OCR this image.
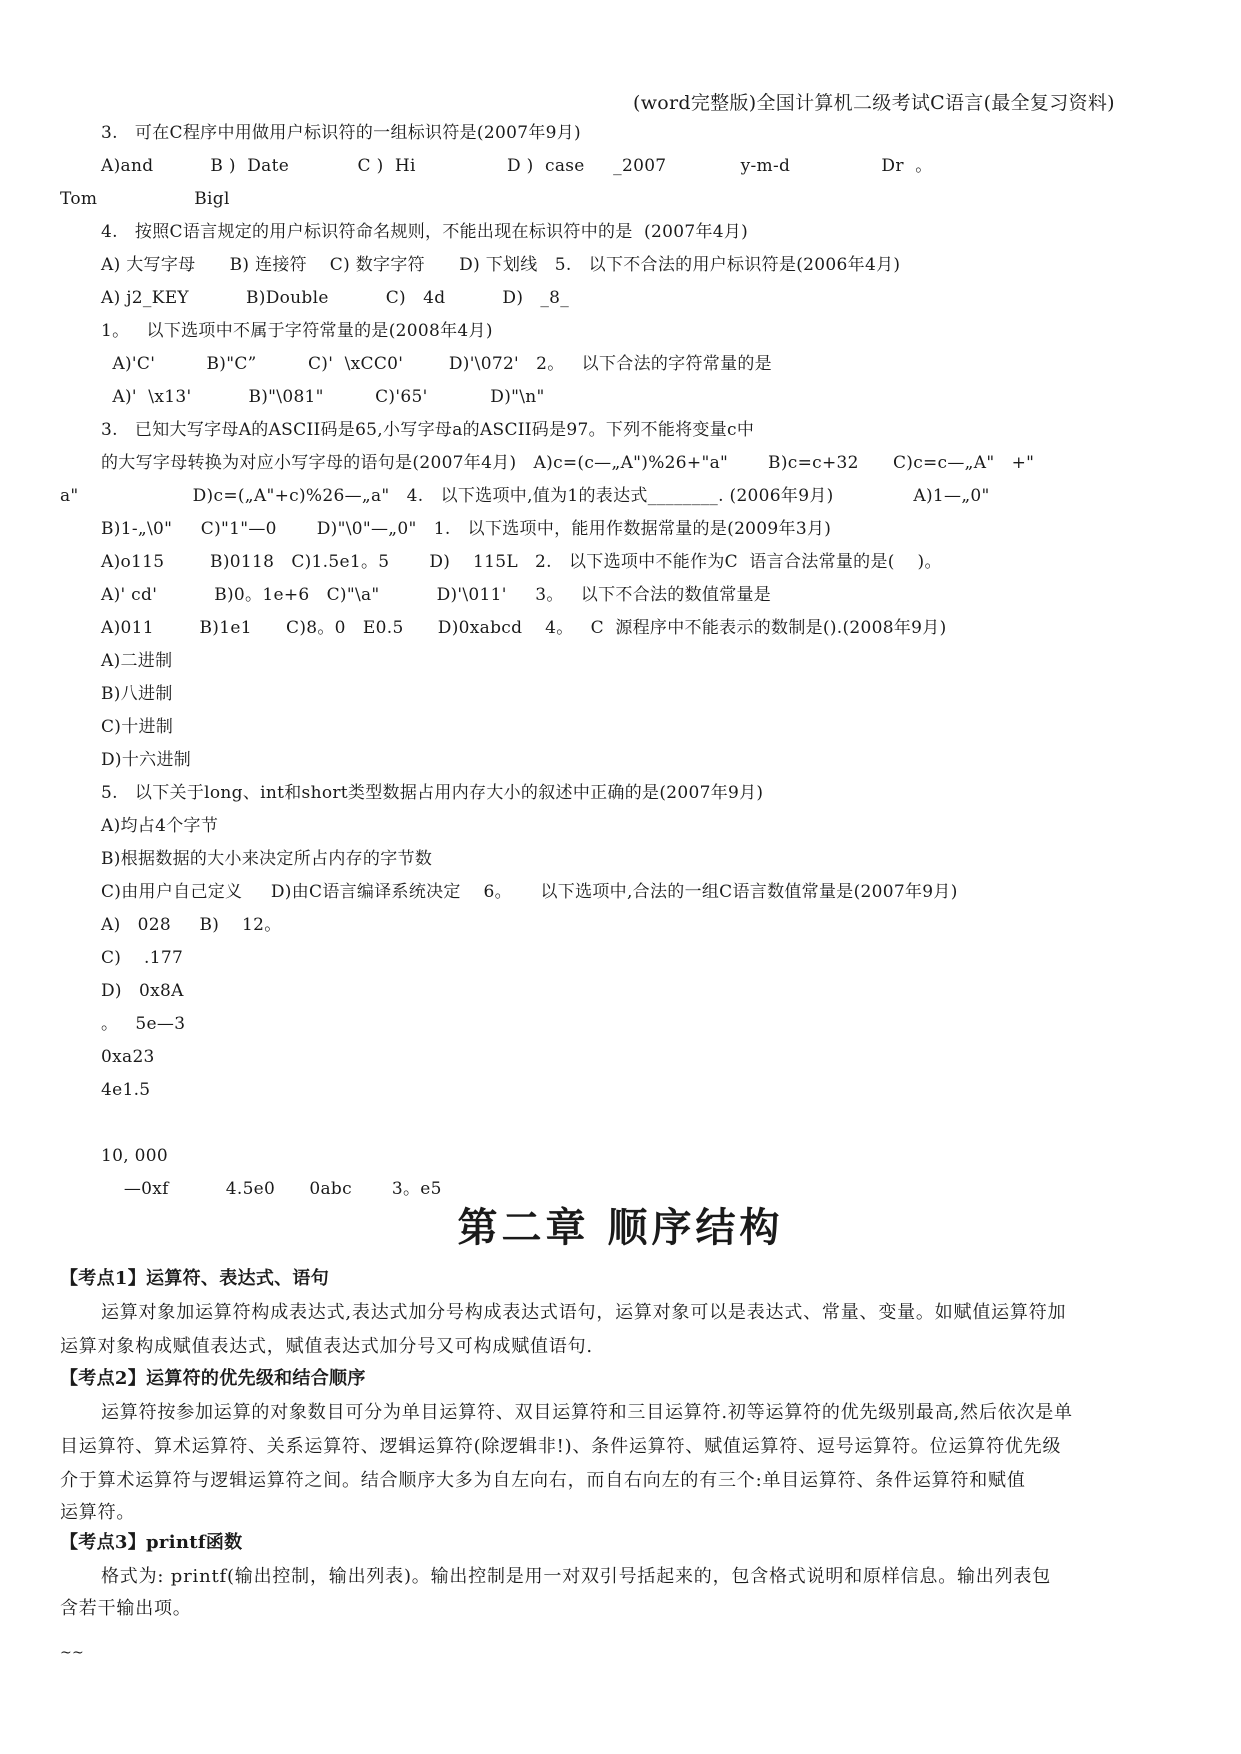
(word完整版)全国计算机二级考试C语言(最全复习资料)
3.   可在C程序中用做用户标识符的一组标识符是(2007年9月)
A)and          B )  Date            C )  Hi                D )  case     _2007             y-m-d                Dr  。
Tom                 Bigl
4.   按照C语言规定的用户标识符命名规则，不能出现在标识符中的是  (2007年4月)
A) 大写字母      B) 连接符    C) 数字字符      D) 下划线   5.   以下不合法的用户标识符是(2006年4月)
A) j2_KEY          B)Double          C)   4d          D)   _8_
1。   以下选项中不属于字符常量的是(2008年4月)
A)'C'         B)"C”         C)'  \xCC0'        D)'\072'   2。   以下合法的字符常量的是
A)'  \x13'          B)"\081"         C)'65'           D)"\n"
3.   已知大写字母A的ASCII码是65,小写字母a的ASCII码是97。下列不能将变量c中
的大写字母转换为对应小写字母的语句是(2007年4月)   A)c=(c—„A")%26+"a"       B)c=c+32      C)c=c—„A"   +"
a"                    D)c=(„A"+c)%26—„a"   4.   以下选项中,值为1的表达式________. (2006年9月)              A)1—„0"
B)1-„\0"     C)"1"—0       D)"\0"—„0"   1.   以下选项中，能用作数据常量的是(2009年3月)
A)o115        B)0118   C)1.5e1。5       D)    115L   2.   以下选项中不能作为C  语言合法常量的是(    )。
A)' cd'          B)0。1e+6   C)"\a"          D)'\011'     3。   以下不合法的数值常量是
A)011        B)1e1      C)8。0   E0.5      D)0xabcd    4。   C  源程序中不能表示的数制是().(2008年9月)
A)二进制
B)八进制
C)十进制
D)十六进制
5.   以下关于long、int和short类型数据占用内存大小的叙述中正确的是(2007年9月)
A)均占4个字节
B)根据数据的大小来决定所占内存的字节数
C)由用户自己定义     D)由C语言编译系统决定    6。     以下选项中,合法的一组C语言数值常量是(2007年9月)
A)   028     B)    12。
C)    .177
D)   0x8A
。   5e—3
0xa23
4e1.5
10, 000
—0xf          4.5e0      0abc       3。e5
第二章 顺序结构
【考点1】运算符、表达式、语句
运算对象加运算符构成表达式,表达式加分号构成表达式语句，运算对象可以是表达式、常量、变量。如赋值运算符加
运算对象构成赋值表达式，赋值表达式加分号又可构成赋值语句.
【考点2】运算符的优先级和结合顺序
运算符按参加运算的对象数目可分为单目运算符、双目运算符和三目运算符.初等运算符的优先级别最高,然后依次是单
目运算符、算术运算符、关系运算符、逻辑运算符(除逻辑非!)、条件运算符、赋值运算符、逗号运算符。位运算符优先级
介于算术运算符与逻辑运算符之间。结合顺序大多为自左向右，而自右向左的有三个:单目运算符、条件运算符和赋值
运算符。
【考点3】printf函数
格式为: printf(输出控制，输出列表)。输出控制是用一对双引号括起来的，包含格式说明和原样信息。输出列表包
含若干输出项。
~~
